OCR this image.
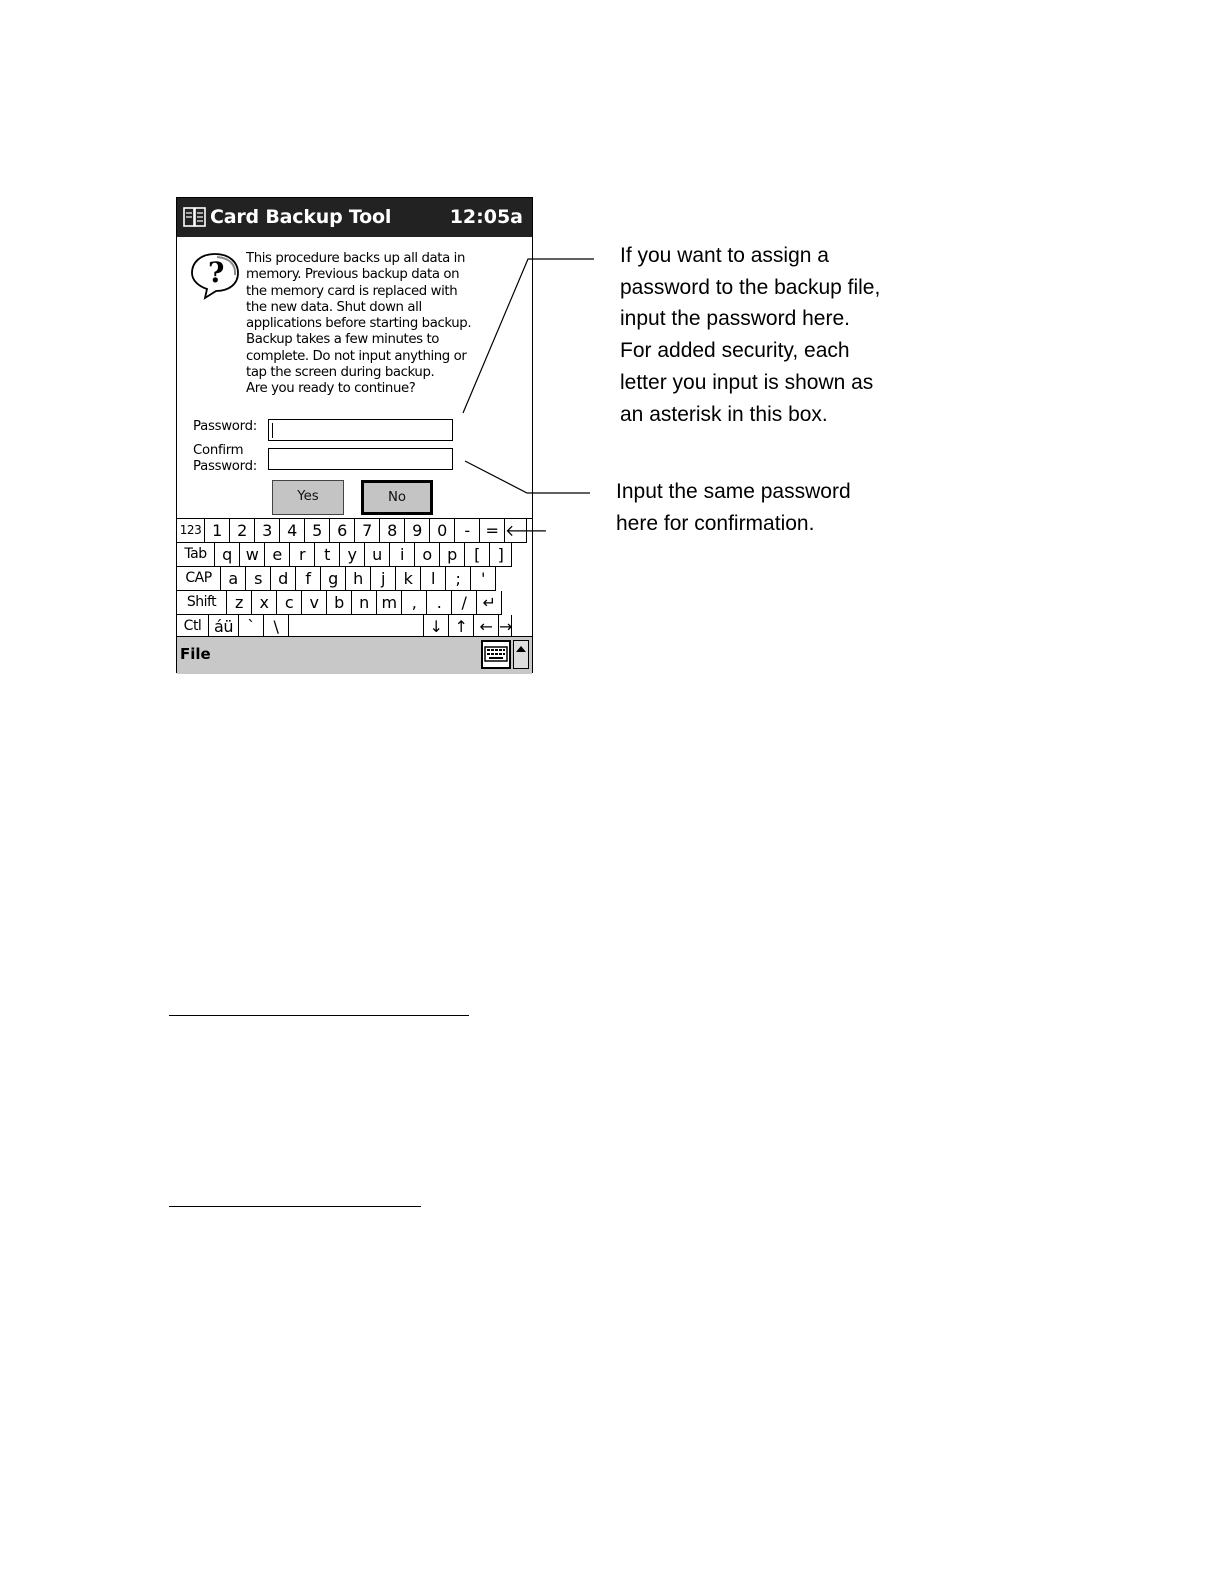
Card Backup Tool	12:05a
? This procedure backs up all data in
memory. Previous backup data on
the memory card is replaced with
the new data. Shut down all
applications before starting backup.
Backup takes a few minutes to
complete. Do not input anything or
tap the screen during backup.
Are you ready to continue?
Password:
Confirm
Password:
Yes	No
123 1 2 3 4 5 6 7 8 9 0	- = 🡐
Tab q w e	r	t	y u	i	o p	[	]
CAP	a	s	d	f	g h	j	k	l	;	'
Shift	z	x	c	v b n m ,	.	/	↵
Ctl áü `	\	↓ ↑ ← →
File
If you want to assign a
password to the backup file,
input the password here.
For added security, each
letter you input is shown as
an asterisk in this box.
Input the same password
here for confirmation.
